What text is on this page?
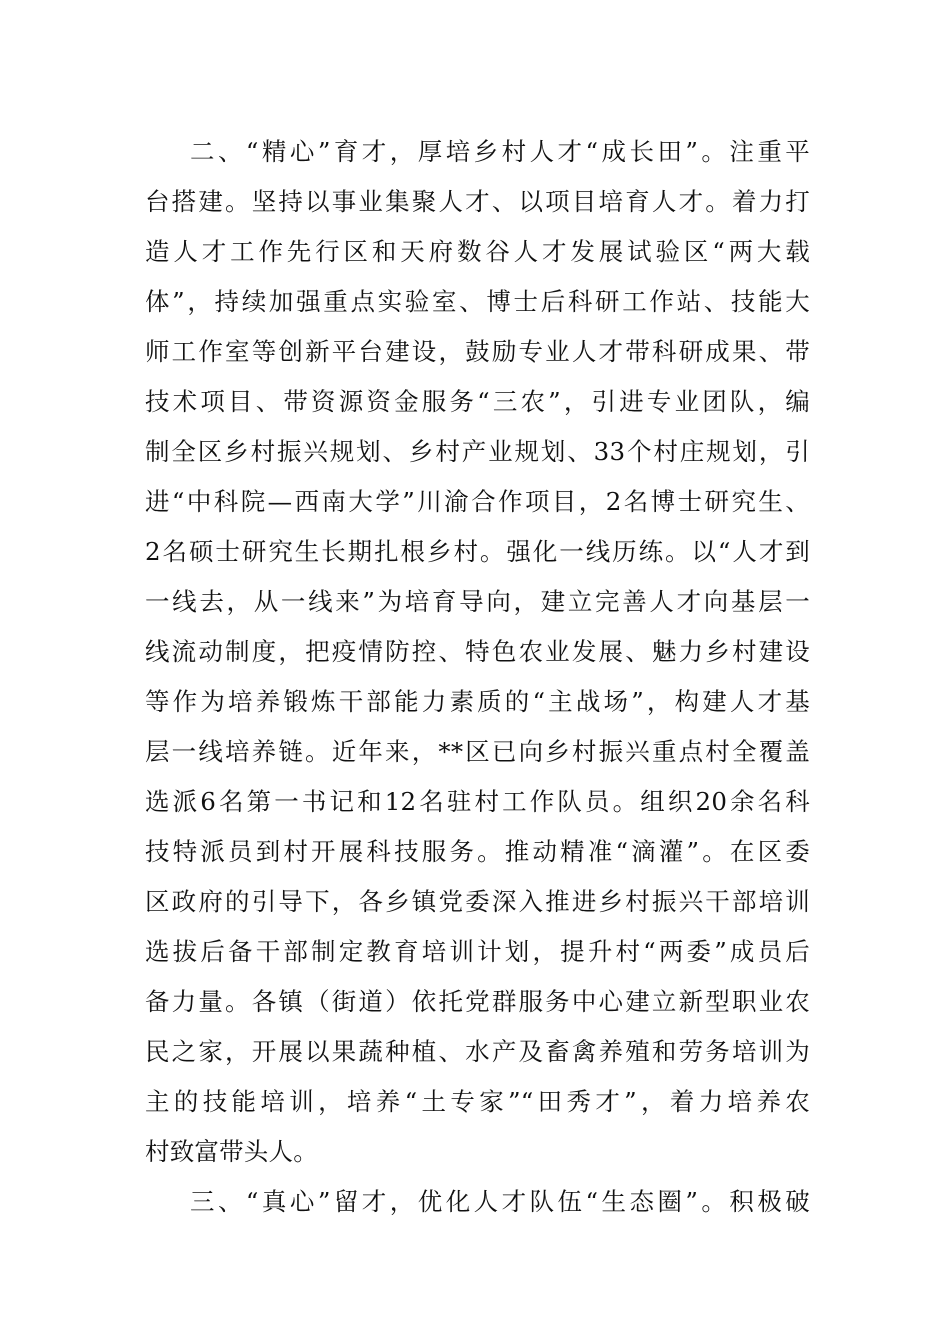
二、“精心”育才，厚培乡村人才“成长田”。注重平
台搭建。坚持以事业集聚人才、以项目培育人才。着力打
造人才工作先行区和天府数谷人才发展试验区“两大载
体”，持续加强重点实验室、博士后科研工作站、技能大
师工作室等创新平台建设，鼓励专业人才带科研成果、带
技术项目、带资源资金服务“三农”，引进专业团队，编
制全区乡村振兴规划、乡村产业规划、33个村庄规划，引
进“中科院—西南大学”川渝合作项目，2名博士研究生、
2名硕士研究生长期扎根乡村。强化一线历练。以“人才到
一线去，从一线来”为培育导向，建立完善人才向基层一
线流动制度，把疫情防控、特色农业发展、魅力乡村建设
等作为培养锻炼干部能力素质的“主战场”，构建人才基
层一线培养链。近年来，**区已向乡村振兴重点村全覆盖
选派6名第一书记和12名驻村工作队员。组织20余名科
技特派员到村开展科技服务。推动精准“滴灌”。在区委
区政府的引导下，各乡镇党委深入推进乡村振兴干部培训
选拔后备干部制定教育培训计划，提升村“两委”成员后
备力量。各镇（街道）依托党群服务中心建立新型职业农
民之家，开展以果蔬种植、水产及畜禽养殖和劳务培训为
主的技能培训，培养“土专家”“田秀才”，着力培养农
村致富带头人。
三、“真心”留才，优化人才队伍“生态圈”。积极破
